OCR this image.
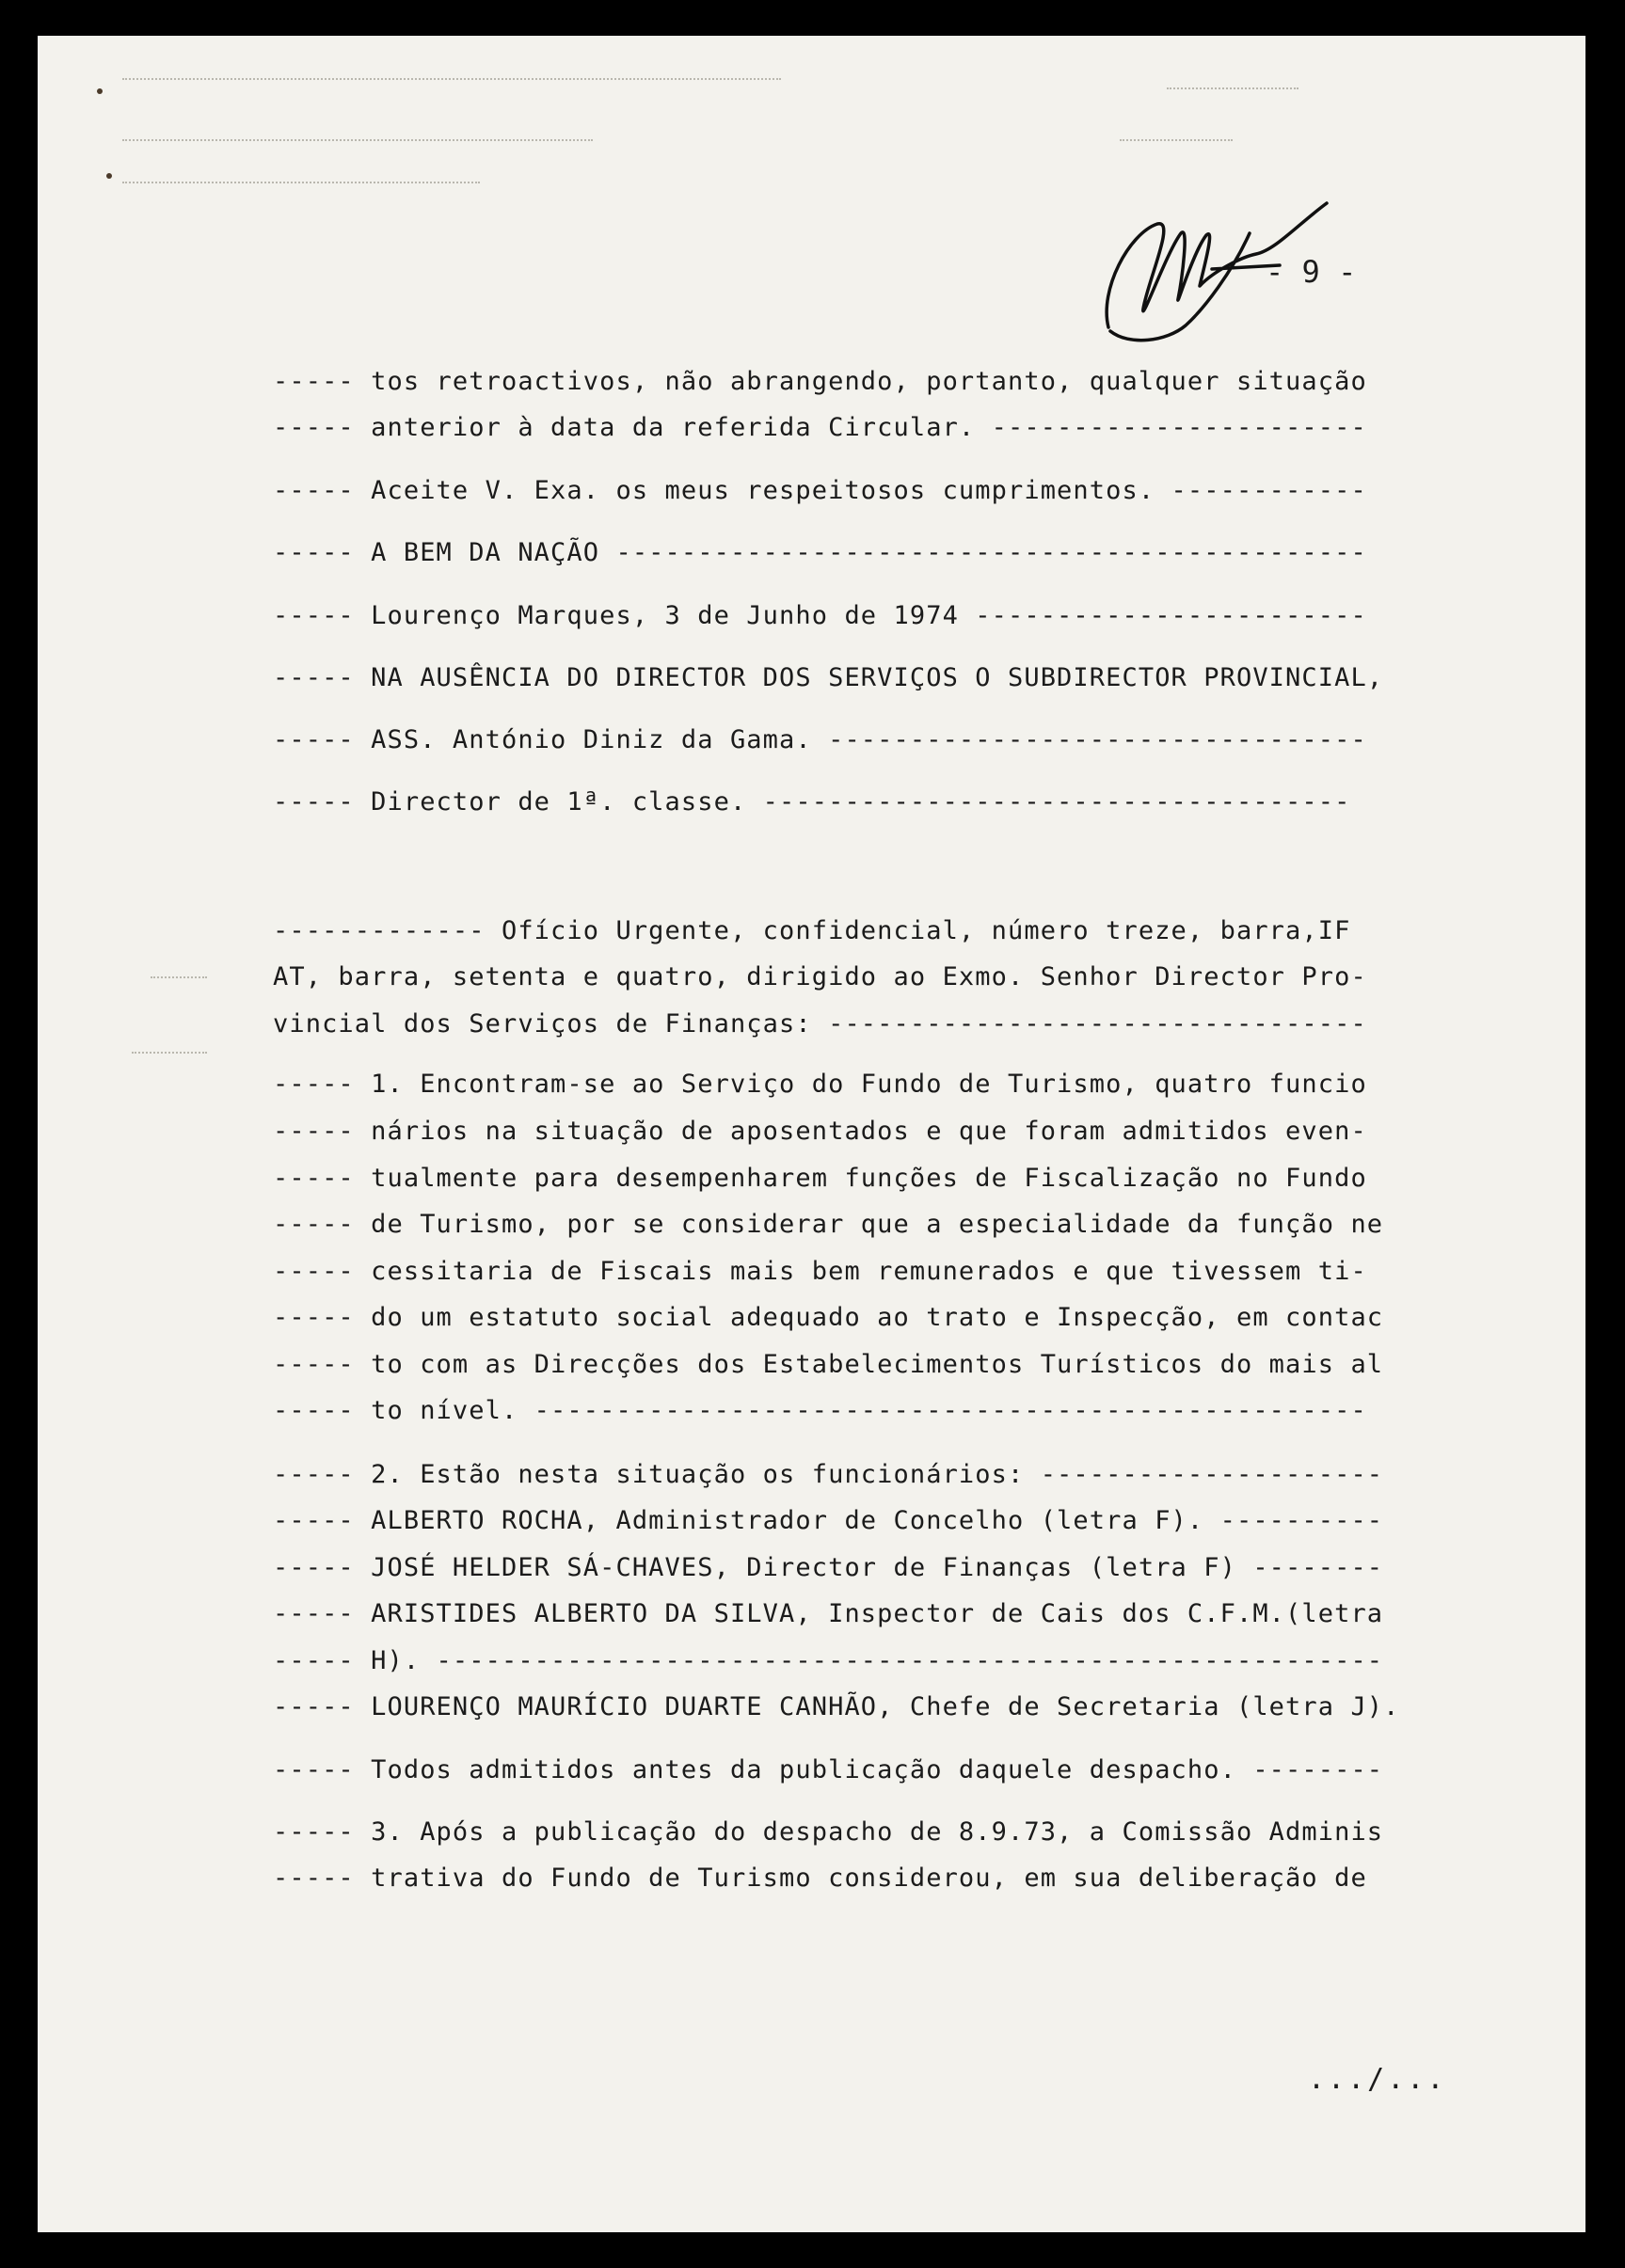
- 9 -
----- tos retroactivos, não abrangendo, portanto, qualquer situação
----- anterior à data da referida Circular. -----------------------
----- Aceite V. Exa. os meus respeitosos cumprimentos. ------------
----- A BEM DA NAÇÃO ----------------------------------------------
----- Lourenço Marques, 3 de Junho de 1974 ------------------------
----- NA AUSÊNCIA DO DIRECTOR DOS SERVIÇOS O SUBDIRECTOR PROVINCIAL,
----- ASS. António Diniz da Gama. ---------------------------------
----- Director de 1ª. classe. ------------------------------------
------------- Ofício Urgente, confidencial, número treze, barra,IF
AT, barra, setenta e quatro, dirigido ao Exmo. Senhor Director Pro-
vincial dos Serviços de Finanças: ---------------------------------
----- 1. Encontram-se ao Serviço do Fundo de Turismo, quatro funcio
----- nários na situação de aposentados e que foram admitidos even-
----- tualmente para desempenharem funções de Fiscalização no Fundo
----- de Turismo, por se considerar que a especialidade da função ne
----- cessitaria de Fiscais mais bem remunerados e que tivessem ti-
----- do um estatuto social adequado ao trato e Inspecção, em contac
----- to com as Direcções dos Estabelecimentos Turísticos do mais al
----- to nível. ---------------------------------------------------
----- 2. Estão nesta situação os funcionários: ---------------------
----- ALBERTO ROCHA, Administrador de Concelho (letra F). ----------
----- JOSÉ HELDER SÁ-CHAVES, Director de Finanças (letra F) --------
----- ARISTIDES ALBERTO DA SILVA, Inspector de Cais dos C.F.M.(letra
----- H). ----------------------------------------------------------
----- LOURENÇO MAURÍCIO DUARTE CANHÃO, Chefe de Secretaria (letra J).
----- Todos admitidos antes da publicação daquele despacho. --------
----- 3. Após a publicação do despacho de 8.9.73, a Comissão Adminis
----- trativa do Fundo de Turismo considerou, em sua deliberação de
.../...
